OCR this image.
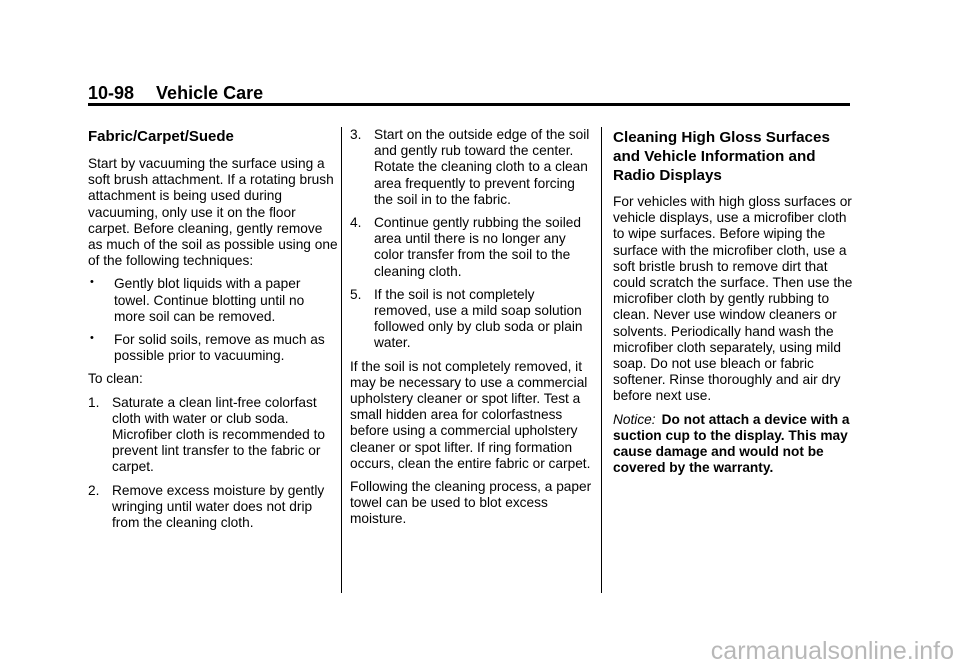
10-98 Vehicle Care
Fabric/Carpet/Suede

Start by vacuuming the surface using a soft brush attachment. If a rotating brush attachment is being used during vacuuming, only use it on the floor carpet. Before cleaning, gently remove as much of the soil as possible using one of the following techniques:

• Gently blot liquids with a paper towel. Continue blotting until no more soil can be removed.
• For solid soils, remove as much as possible prior to vacuuming.

To clean:

1. Saturate a clean lint-free colorfast cloth with water or club soda. Microfiber cloth is recommended to prevent lint transfer to the fabric or carpet.
2. Remove excess moisture by gently wringing until water does not drip from the cleaning cloth.
3. Start on the outside edge of the soil and gently rub toward the center. Rotate the cleaning cloth to a clean area frequently to prevent forcing the soil in to the fabric.
4. Continue gently rubbing the soiled area until there is no longer any color transfer from the soil to the cleaning cloth.
5. If the soil is not completely removed, use a mild soap solution followed only by club soda or plain water.

If the soil is not completely removed, it may be necessary to use a commercial upholstery cleaner or spot lifter. Test a small hidden area for colorfastness before using a commercial upholstery cleaner or spot lifter. If ring formation occurs, clean the entire fabric or carpet.

Following the cleaning process, a paper towel can be used to blot excess moisture.

Cleaning High Gloss Surfaces and Vehicle Information and Radio Displays

For vehicles with high gloss surfaces or vehicle displays, use a microfiber cloth to wipe surfaces. Before wiping the surface with the microfiber cloth, use a soft bristle brush to remove dirt that could scratch the surface. Then use the microfiber cloth by gently rubbing to clean. Never use window cleaners or solvents. Periodically hand wash the microfiber cloth separately, using mild soap. Do not use bleach or fabric softener. Rinse thoroughly and air dry before next use.

Notice: Do not attach a device with a suction cup to the display. This may cause damage and would not be covered by the warranty.

carmanualsonline.info
